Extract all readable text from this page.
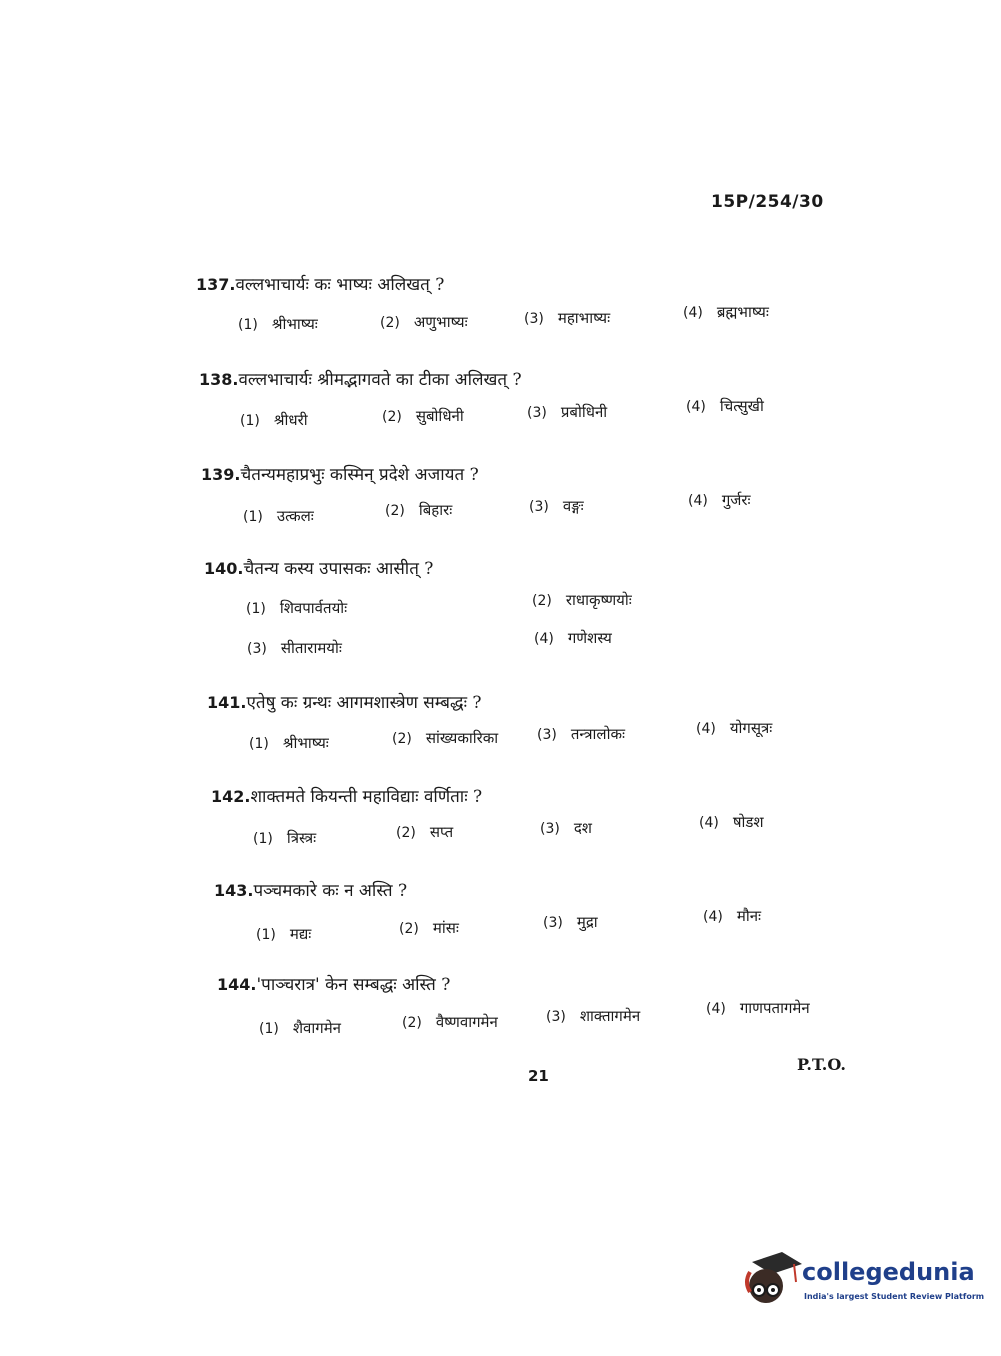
15P/254/30
137.वल्लभाचार्यः कः भाष्यः अलिखत् ?
(1) श्रीभाष्यः	(2) अणुभाष्यः	(3) महाभाष्यः	(4) ब्रह्मभाष्यः
138.वल्लभाचार्यः श्रीमद्भागवते का टीका अलिखत् ?
(1) श्रीधरी	(2) सुबोधिनी	(3) प्रबोधिनी	(4) चित्सुखी
139.चैतन्यमहाप्रभुः कस्मिन् प्रदेशे अजायत ?
(1) उत्कलः	(2) बिहारः	(3) वङ्गः	(4) गुर्जरः
140.चैतन्य कस्य उपासकः आसीत् ?
(1) शिवपार्वतयोः	(2) राधाकृष्णयोः
(3) सीतारामयोः	(4) गणेशस्य
141.एतेषु कः ग्रन्थः आगमशास्त्रेण सम्बद्धः ?
(1) श्रीभाष्यः	(2) सांख्यकारिका	(3) तन्त्रालोकः	(4) योगसूत्रः
142.शाक्तमते कियन्ती महाविद्याः वर्णिताः ?
(1) त्रिस्त्रः	(2) सप्त	(3) दश	(4) षोडश
143.पञ्चमकारे कः न अस्ति ?
(1) मद्यः	(2) मांसः	(3) मुद्रा	(4) मौनः
144.'पाञ्चरात्र' केन सम्बद्धः अस्ति ?
(1) शैवागमेन	(2) वैष्णवागमेन	(3) शाक्तागमेन	(4) गाणपतागमेन
21
P.T.O.
collegedunia
India's largest Student Review Platform
